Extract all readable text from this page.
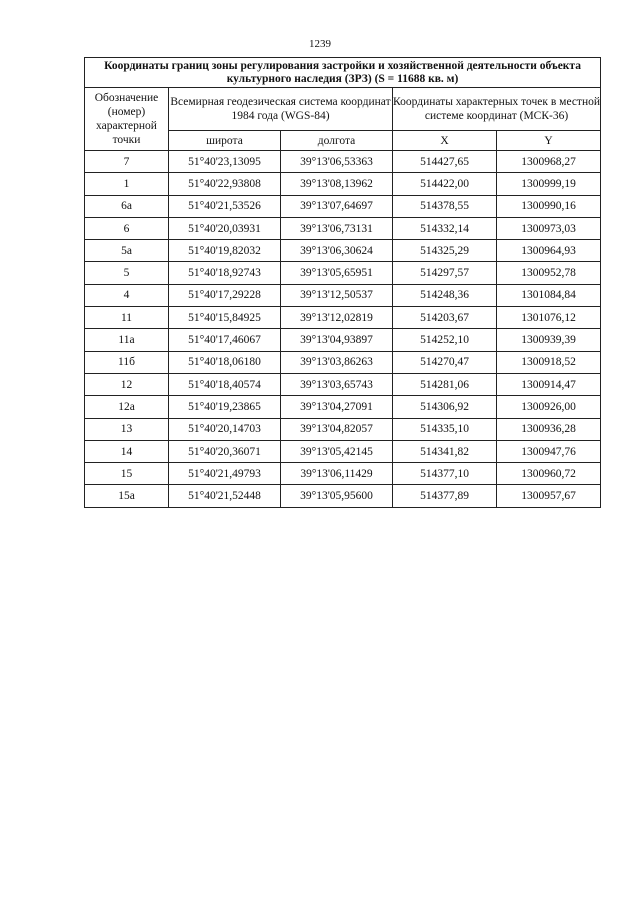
1239
Координаты границ зоны регулирования застройки и хозяйственной деятельности объекта культурного наследия (ЗРЗ) (S = 11688 кв. м)				
Обозначение (номер) характерной точки	Всемирная геодезическая система координат 1984 года (WGS-84)		Координаты характерных точек в местной системе координат (МСК-36)	
	широта	долгота	X	Y
7	51°40'23,13095	39°13'06,53363	514427,65	1300968,27
1	51°40'22,93808	39°13'08,13962	514422,00	1300999,19
6а	51°40'21,53526	39°13'07,64697	514378,55	1300990,16
6	51°40'20,03931	39°13'06,73131	514332,14	1300973,03
5а	51°40'19,82032	39°13'06,30624	514325,29	1300964,93
5	51°40'18,92743	39°13'05,65951	514297,57	1300952,78
4	51°40'17,29228	39°13'12,50537	514248,36	1301084,84
11	51°40'15,84925	39°13'12,02819	514203,67	1301076,12
11а	51°40'17,46067	39°13'04,93897	514252,10	1300939,39
11б	51°40'18,06180	39°13'03,86263	514270,47	1300918,52
12	51°40'18,40574	39°13'03,65743	514281,06	1300914,47
12а	51°40'19,23865	39°13'04,27091	514306,92	1300926,00
13	51°40'20,14703	39°13'04,82057	514335,10	1300936,28
14	51°40'20,36071	39°13'05,42145	514341,82	1300947,76
15	51°40'21,49793	39°13'06,11429	514377,10	1300960,72
15а	51°40'21,52448	39°13'05,95600	514377,89	1300957,67
